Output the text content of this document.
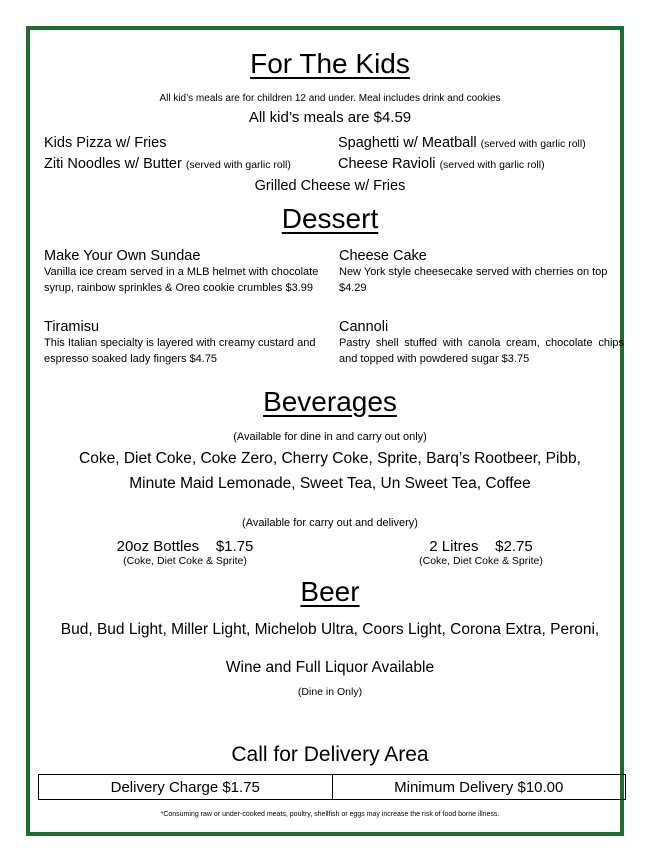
For The Kids
All kid’s meals are for children 12 and under. Meal includes drink and cookies
All kid’s meals are $4.59
Kids Pizza w/ Fries	Spaghetti w/ Meatball (served with garlic roll)
Ziti Noodles w/ Butter (served with garlic roll)	Cheese Ravioli (served with garlic roll)
Grilled Cheese w/ Fries
Dessert
Make Your Own Sundae
Vanilla ice cream served in a MLB helmet with chocolate syrup, rainbow sprinkles & Oreo cookie crumbles $3.99
Cheese Cake
New York style cheesecake served with cherries on top $4.29
Tiramisu
This Italian specialty is layered with creamy custard and espresso soaked lady fingers $4.75
Cannoli
Pastry shell stuffed with canola cream, chocolate chips and topped with powdered sugar $3.75
Beverages
(Available for dine in and carry out only)
Coke, Diet Coke, Coke Zero, Cherry Coke, Sprite, Barq’s Rootbeer, Pibb,
Minute Maid Lemonade, Sweet Tea, Un Sweet Tea, Coffee
(Available for carry out and delivery)
20oz Bottles $1.75
(Coke, Diet Coke & Sprite)
2 Litres $2.75
(Coke, Diet Coke & Sprite)
Beer
Bud, Bud Light, Miller Light, Michelob Ultra, Coors Light, Corona Extra, Peroni,
Wine and Full Liquor Available
(Dine in Only)
Call for Delivery Area
Delivery Charge $1.75	Minimum Delivery $10.00
*Consuming raw or under-cooked meats, poultry, shellfish or eggs may increase the risk of food borne illness.
